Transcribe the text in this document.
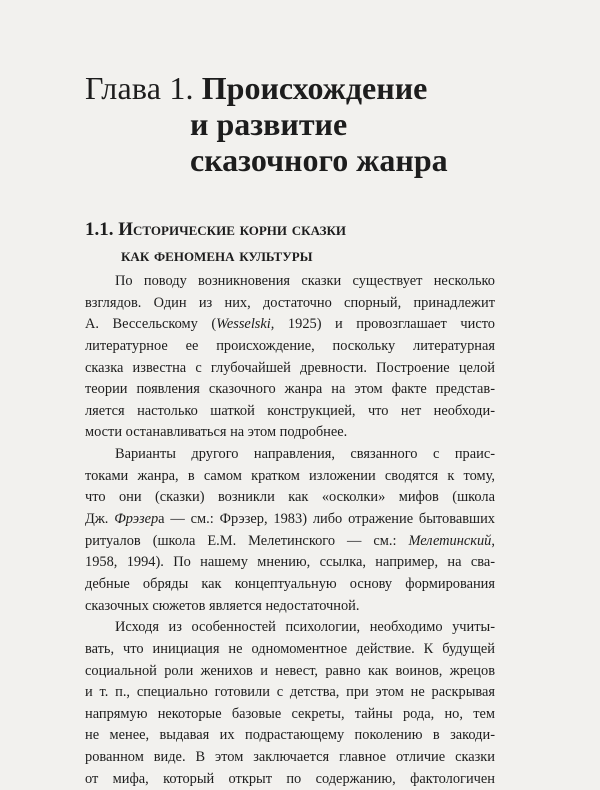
Глава 1. Происхождение
и развитие
сказочного жанра
1.1. Исторические корни сказки
как феномена культуры
По поводу возникновения сказки существует несколько
взглядов. Один из них, достаточно спорный, принадлежит
А. Вессельскому (Wesselski, 1925) и провозглашает чисто
литературное ее происхождение, поскольку литературная
сказка известна с глубочайшей древности. Построение целой
теории появления сказочного жанра на этом факте представ-
ляется настолько шаткой конструкцией, что нет необходи-
мости останавливаться на этом подробнее.
Варианты другого направления, связанного с праис-
токами жанра, в самом кратком изложении сводятся к тому,
что они (сказки) возникли как «осколки» мифов (школа
Дж. Фрэзера — см.: Фрэзер, 1983) либо отражение бытовавших
ритуалов (школа Е.М. Мелетинского — см.: Мелетинский,
1958, 1994). По нашему мнению, ссылка, например, на сва-
дебные обряды как концептуальную основу формирования
сказочных сюжетов является недостаточной.
Исходя из особенностей психологии, необходимо учиты-
вать, что инициация не одномоментное действие. К будущей
социальной роли женихов и невест, равно как воинов, жрецов
и т. п., специально готовили с детства, при этом не раскрывая
напрямую некоторые базовые секреты, тайны рода, но, тем
не менее, выдавая их подрастающему поколению в закоди-
рованном виде. В этом заключается главное отличие сказки
от мифа, который открыт по содержанию, фактологичен
